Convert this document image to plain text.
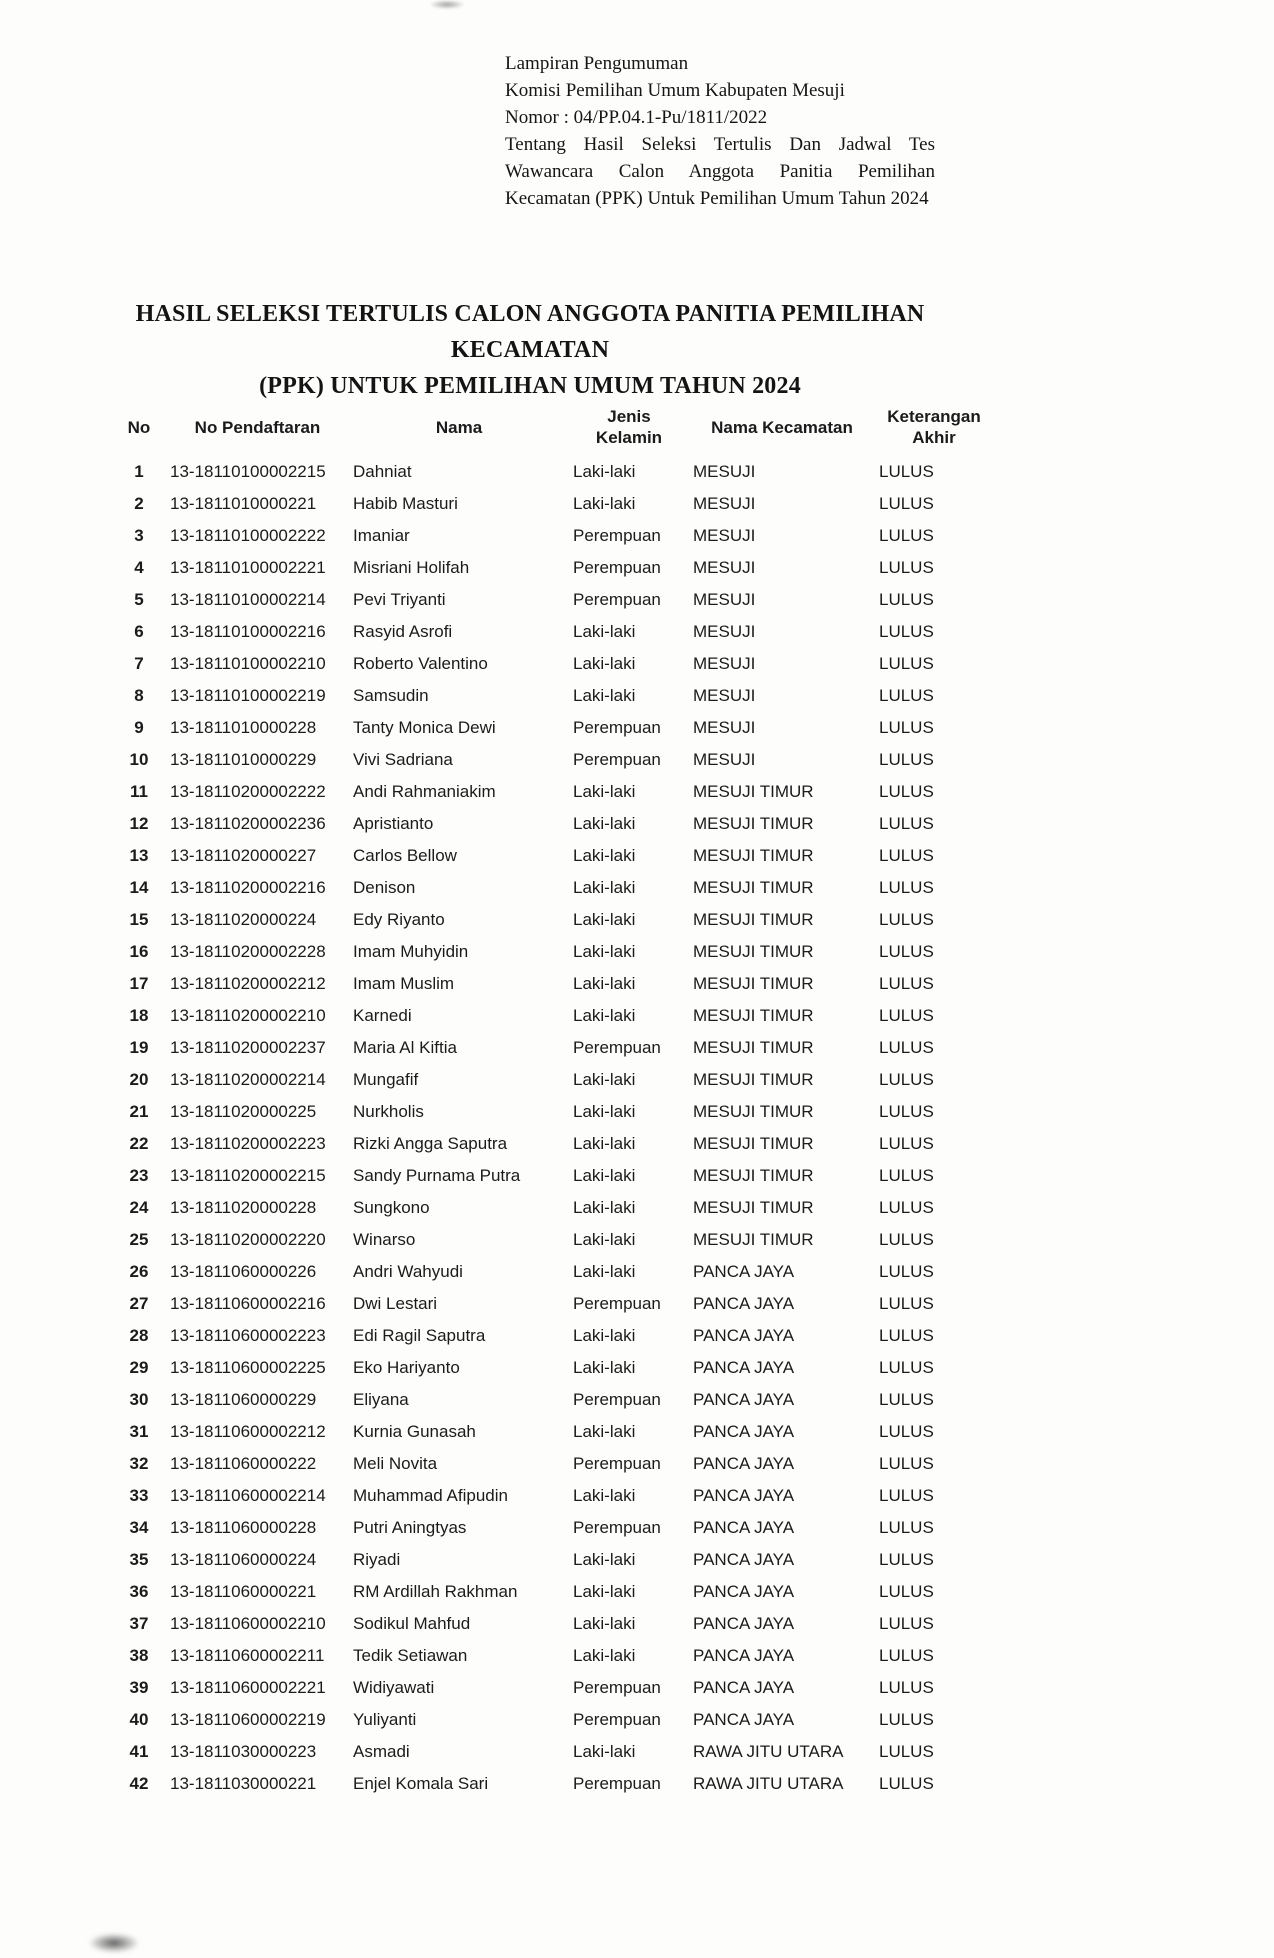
Lampiran Pengumuman
Komisi Pemilihan Umum Kabupaten Mesuji
Nomor : 04/PP.04.1-Pu/1811/2022
Tentang Hasil Seleksi Tertulis Dan Jadwal Tes Wawancara Calon Anggota Panitia Pemilihan Kecamatan (PPK) Untuk Pemilihan Umum Tahun 2024
HASIL SELEKSI TERTULIS CALON ANGGOTA PANITIA PEMILIHAN KECAMATAN
(PPK) UNTUK PEMILIHAN UMUM TAHUN 2024
No	No Pendaftaran	Nama	Jenis Kelamin	Nama Kecamatan	Keterangan Akhir
1	13-18110100002215	Dahniat	Laki-laki	MESUJI	LULUS
2	13-1811010000221	Habib Masturi	Laki-laki	MESUJI	LULUS
3	13-18110100002222	Imaniar	Perempuan	MESUJI	LULUS
4	13-18110100002221	Misriani Holifah	Perempuan	MESUJI	LULUS
5	13-18110100002214	Pevi Triyanti	Perempuan	MESUJI	LULUS
6	13-18110100002216	Rasyid Asrofi	Laki-laki	MESUJI	LULUS
7	13-18110100002210	Roberto Valentino	Laki-laki	MESUJI	LULUS
8	13-18110100002219	Samsudin	Laki-laki	MESUJI	LULUS
9	13-1811010000228	Tanty Monica Dewi	Perempuan	MESUJI	LULUS
10	13-1811010000229	Vivi Sadriana	Perempuan	MESUJI	LULUS
11	13-18110200002222	Andi Rahmaniakim	Laki-laki	MESUJI TIMUR	LULUS
12	13-18110200002236	Apristianto	Laki-laki	MESUJI TIMUR	LULUS
13	13-1811020000227	Carlos Bellow	Laki-laki	MESUJI TIMUR	LULUS
14	13-18110200002216	Denison	Laki-laki	MESUJI TIMUR	LULUS
15	13-1811020000224	Edy Riyanto	Laki-laki	MESUJI TIMUR	LULUS
16	13-18110200002228	Imam Muhyidin	Laki-laki	MESUJI TIMUR	LULUS
17	13-18110200002212	Imam Muslim	Laki-laki	MESUJI TIMUR	LULUS
18	13-18110200002210	Karnedi	Laki-laki	MESUJI TIMUR	LULUS
19	13-18110200002237	Maria Al Kiftia	Perempuan	MESUJI TIMUR	LULUS
20	13-18110200002214	Mungafif	Laki-laki	MESUJI TIMUR	LULUS
21	13-1811020000225	Nurkholis	Laki-laki	MESUJI TIMUR	LULUS
22	13-18110200002223	Rizki Angga Saputra	Laki-laki	MESUJI TIMUR	LULUS
23	13-18110200002215	Sandy Purnama Putra	Laki-laki	MESUJI TIMUR	LULUS
24	13-1811020000228	Sungkono	Laki-laki	MESUJI TIMUR	LULUS
25	13-18110200002220	Winarso	Laki-laki	MESUJI TIMUR	LULUS
26	13-1811060000226	Andri Wahyudi	Laki-laki	PANCA JAYA	LULUS
27	13-18110600002216	Dwi Lestari	Perempuan	PANCA JAYA	LULUS
28	13-18110600002223	Edi Ragil Saputra	Laki-laki	PANCA JAYA	LULUS
29	13-18110600002225	Eko Hariyanto	Laki-laki	PANCA JAYA	LULUS
30	13-1811060000229	Eliyana	Perempuan	PANCA JAYA	LULUS
31	13-18110600002212	Kurnia Gunasah	Laki-laki	PANCA JAYA	LULUS
32	13-1811060000222	Meli Novita	Perempuan	PANCA JAYA	LULUS
33	13-18110600002214	Muhammad Afipudin	Laki-laki	PANCA JAYA	LULUS
34	13-1811060000228	Putri Aningtyas	Perempuan	PANCA JAYA	LULUS
35	13-1811060000224	Riyadi	Laki-laki	PANCA JAYA	LULUS
36	13-1811060000221	RM Ardillah Rakhman	Laki-laki	PANCA JAYA	LULUS
37	13-18110600002210	Sodikul Mahfud	Laki-laki	PANCA JAYA	LULUS
38	13-18110600002211	Tedik Setiawan	Laki-laki	PANCA JAYA	LULUS
39	13-18110600002221	Widiyawati	Perempuan	PANCA JAYA	LULUS
40	13-18110600002219	Yuliyanti	Perempuan	PANCA JAYA	LULUS
41	13-1811030000223	Asmadi	Laki-laki	RAWA JITU UTARA	LULUS
42	13-1811030000221	Enjel Komala Sari	Perempuan	RAWA JITU UTARA	LULUS
